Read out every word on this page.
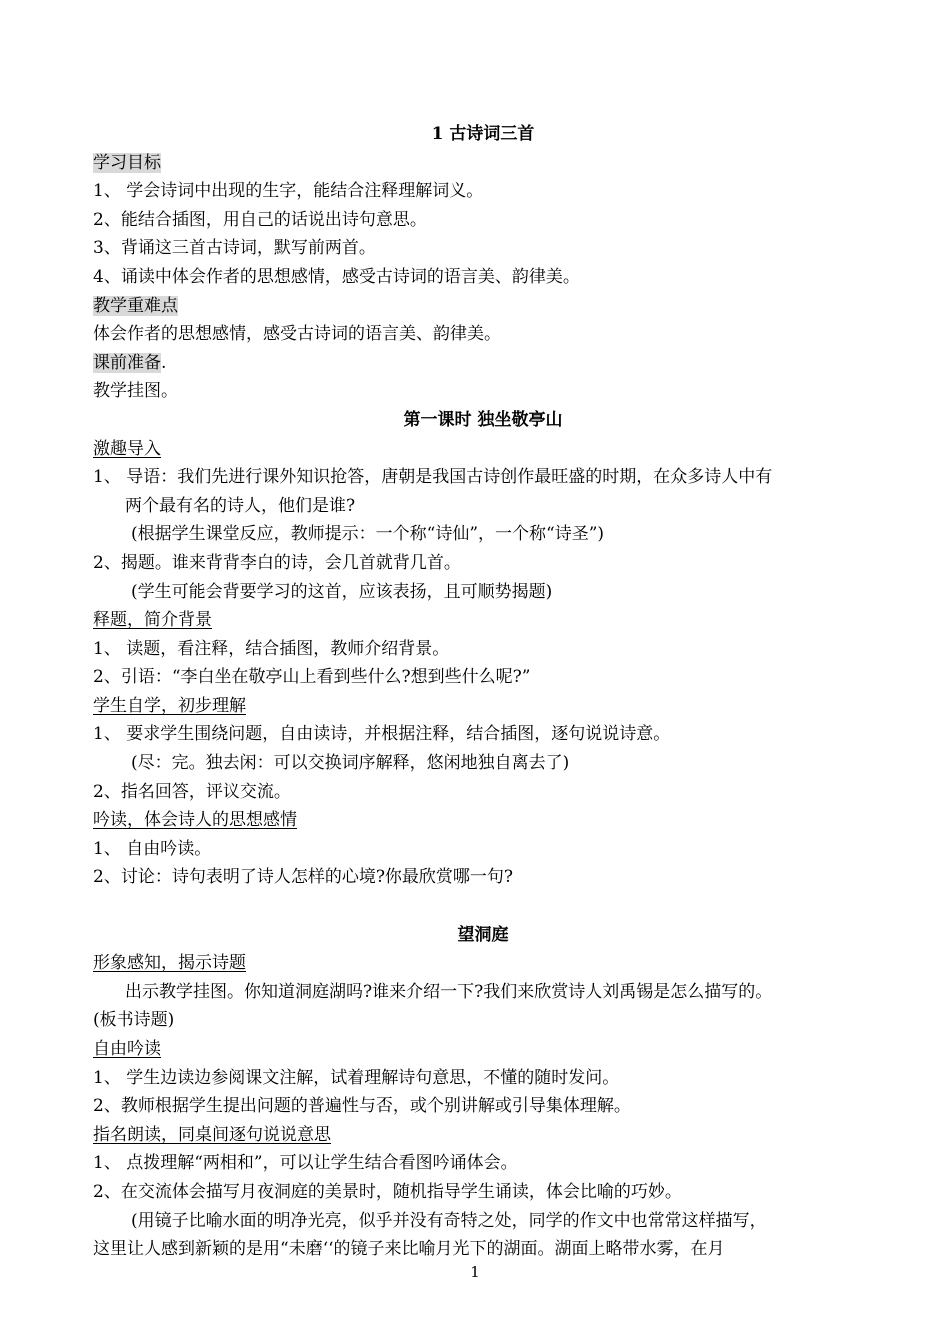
1 古诗词三首
学习目标
1、 学会诗词中出现的生字，能结合注释理解词义。
2、能结合插图，用自己的话说出诗句意思。
3、背诵这三首古诗词，默写前两首。
4、诵读中体会作者的思想感情，感受古诗词的语言美、韵律美。
教学重难点
体会作者的思想感情，感受古诗词的语言美、韵律美。
课前准备.
教学挂图。
第一课时 独坐敬亭山
激趣导入
1、 导语：我们先进行课外知识抢答，唐朝是我国古诗创作最旺盛的时期，在众多诗人中有
两个最有名的诗人，他们是谁?
(根据学生课堂反应，教师提示：一个称“诗仙”，一个称“诗圣”)
2、揭题。谁来背背李白的诗，会几首就背几首。
(学生可能会背要学习的这首，应该表扬，且可顺势揭题)
释题，简介背景
1、 读题，看注释，结合插图，教师介绍背景。
2、引语：“李白坐在敬亭山上看到些什么?想到些什么呢?”
学生自学，初步理解
1、 要求学生围绕问题，自由读诗，并根据注释，结合插图，逐句说说诗意。
(尽：完。独去闲：可以交换词序解释，悠闲地独自离去了)
2、指名回答，评议交流。
吟读，体会诗人的思想感情
1、 自由吟读。
2、讨论：诗句表明了诗人怎样的心境?你最欣赏哪一句?
望洞庭
形象感知，揭示诗题
出示教学挂图。你知道洞庭湖吗?谁来介绍一下?我们来欣赏诗人刘禹锡是怎么描写的。
(板书诗题)
自由吟读
1、 学生边读边参阅课文注解，试着理解诗句意思，不懂的随时发问。
2、教师根据学生提出问题的普遍性与否，或个别讲解或引导集体理解。
指名朗读，同桌间逐句说说意思
1、 点拨理解“两相和”，可以让学生结合看图吟诵体会。
2、在交流体会描写月夜洞庭的美景时，随机指导学生诵读，体会比喻的巧妙。
(用镜子比喻水面的明净光亮，似乎并没有奇特之处，同学的作文中也常常这样描写，
这里让人感到新颖的是用“未磨‘‘的镜子来比喻月光下的湖面。湖面上略带水雾，在月
1
